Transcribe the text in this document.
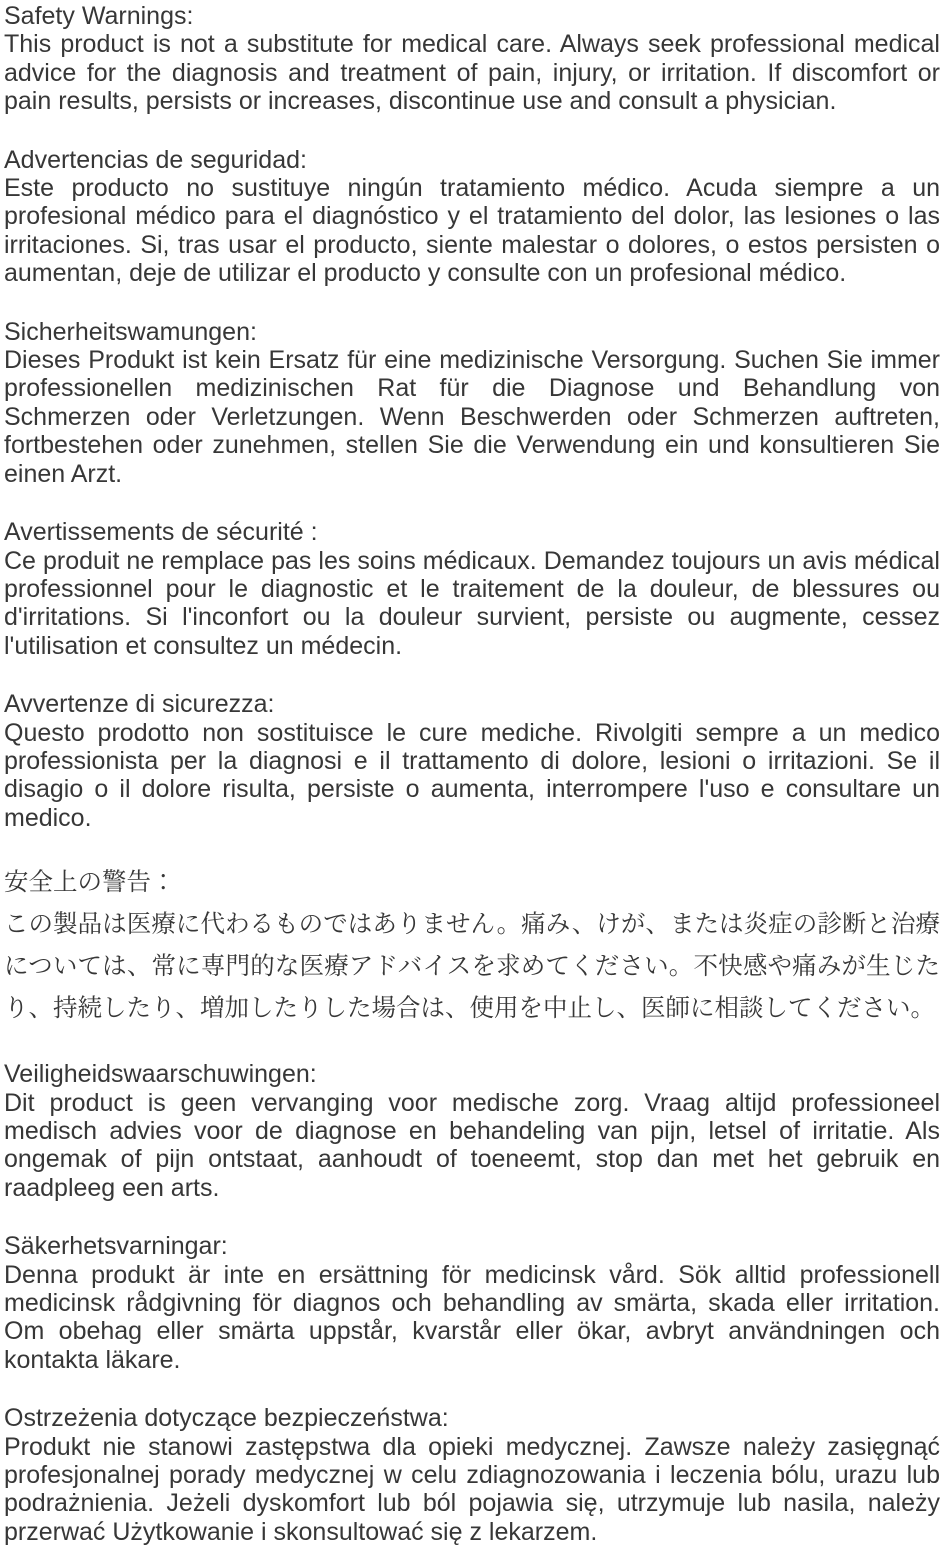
Safety Warnings:

This product is not a substitute for medical care. Always seek professional medical advice for the diagnosis and treatment of pain, injury, or irritation. If discomfort or pain results, persists or increases, discontinue use and consult a physician.

Advertencias de seguridad:

Este producto no sustituye ningún tratamiento médico. Acuda siempre a un profesional médico para el diagnóstico y el tratamiento del dolor, las lesiones o las irritaciones. Si, tras usar el producto, siente malestar o dolores, o estos persisten o aumentan, deje de utilizar el producto y consulte con un profesional médico.

Sicherheitswamungen:

Dieses Produkt ist kein Ersatz für eine medizinische Versorgung. Suchen Sie immer professionellen medizinischen Rat für die Diagnose und Behandlung von Schmerzen oder Verletzungen. Wenn Beschwerden oder Schmerzen auftreten, fortbestehen oder zunehmen, stellen Sie die Verwendung ein und konsultieren Sie einen Arzt.

Avertissements de sécurité :

Ce produit ne remplace pas les soins médicaux. Demandez toujours un avis médical professionnel pour le diagnostic et le traitement de la douleur, de blessures ou d'irritations. Si l'inconfort ou la douleur survient, persiste ou augmente, cessez l'utilisation et consultez un médecin.

Avvertenze di sicurezza:

Questo prodotto non sostituisce le cure mediche. Rivolgiti sempre a un medico professionista per la diagnosi e il trattamento di dolore, lesioni o irritazioni. Se il disagio o il dolore risulta, persiste o aumenta, interrompere l'uso e consultare un medico.

安全上の警告：

この製品は医療に代わるものではありません。痛み、けが、または炎症の診断と治療については、常に専門的な医療アドバイスを求めてください。不快感や痛みが生じたり、持続したり、増加したりした場合は、使用を中止し、医師に相談してください。

Veiligheidswaarschuwingen:

Dit product is geen vervanging voor medische zorg. Vraag altijd professioneel medisch advies voor de diagnose en behandeling van pijn, letsel of irritatie. Als ongemak of pijn ontstaat, aanhoudt of toeneemt, stop dan met het gebruik en raadpleeg een arts.

Säkerhetsvarningar:

Denna produkt är inte en ersättning för medicinsk vård. Sök alltid professionell medicinsk rådgivning för diagnos och behandling av smärta, skada eller irritation. Om obehag eller smärta uppstår, kvarstår eller ökar, avbryt användningen och kontakta läkare.

Ostrzeżenia dotyczące bezpieczeństwa:

Produkt nie stanowi zastępstwa dla opieki medycznej. Zawsze należy zasięgnąć profesjonalnej porady medycznej w celu zdiagnozowania i leczenia bólu, urazu lub podrażnienia. Jeżeli dyskomfort lub ból pojawia się, utrzymuje lub nasila, należy przerwać Użytkowanie i skonsultować się z lekarzem.
